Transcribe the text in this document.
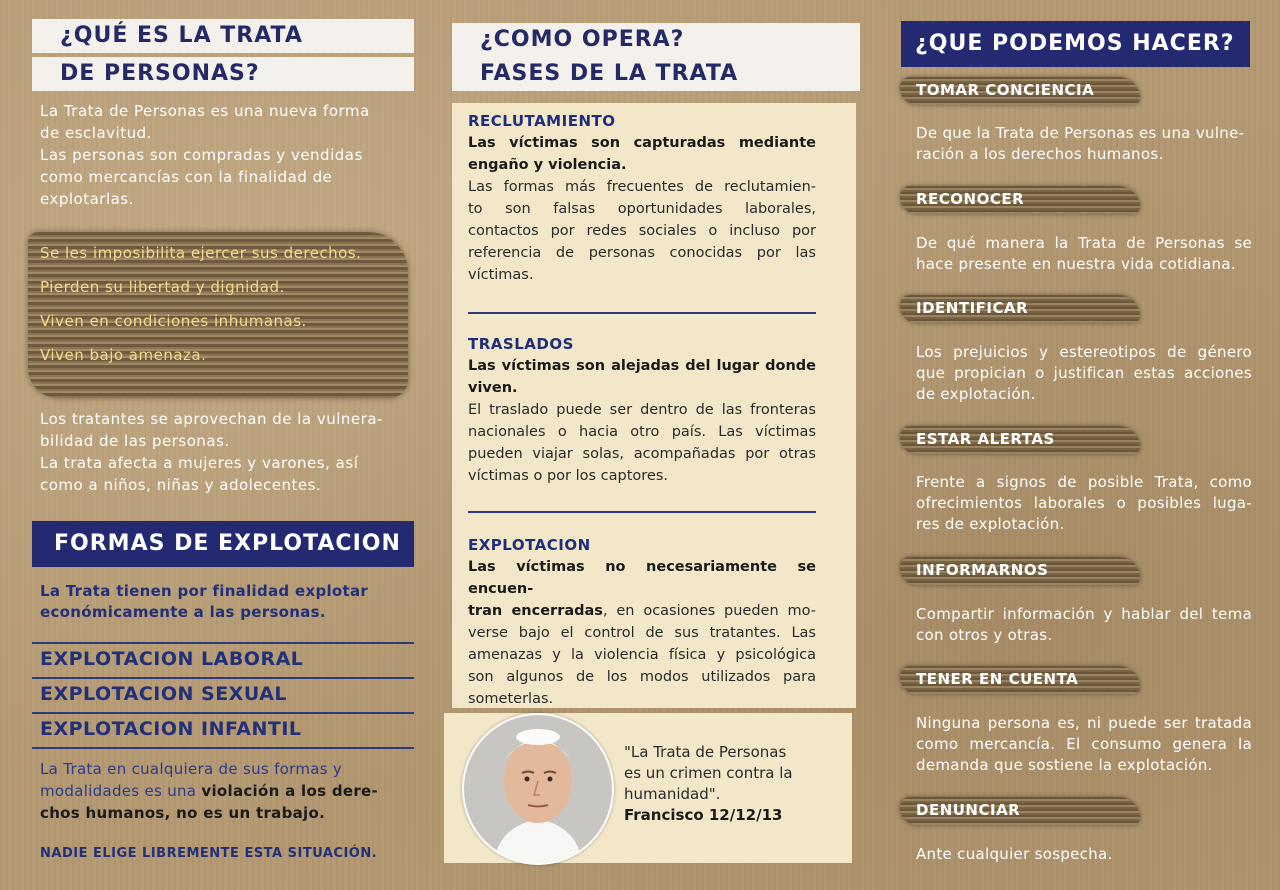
¿QUÉ ES LA TRATA
DE PERSONAS?
La Trata de Personas es una nueva forma
de esclavitud.
Las personas son compradas y vendidas
como mercancías con la finalidad de
explotarlas.
Se les imposibilita ejercer sus derechos.
Pierden su libertad y dignidad.
Viven en condiciones inhumanas.
Viven bajo amenaza.
Los tratantes se aprovechan de la vulnera-
bilidad de las personas.
La trata afecta a mujeres y varones, así
como a niños, niñas y adolecentes.
FORMAS DE EXPLOTACION
La Trata tienen por finalidad explotar
económicamente a las personas.
EXPLOTACION LABORAL
EXPLOTACION SEXUAL
EXPLOTACION INFANTIL
La Trata en cualquiera de sus formas y
modalidades es una violación a los dere-
chos humanos, no es un trabajo.
NADIE ELIGE LIBREMENTE ESTA SITUACIÓN.
¿COMO OPERA?
FASES DE LA TRATA
RECLUTAMIENTO
Las víctimas son capturadas mediante
engaño y violencia.
Las formas más frecuentes de reclutamien-
to son falsas oportunidades laborales,
contactos por redes sociales o incluso por
referencia de personas conocidas por las
víctimas.
TRASLADOS
Las víctimas son alejadas del lugar donde
viven.
El traslado puede ser dentro de las fronteras
nacionales o hacia otro país. Las víctimas
pueden viajar solas, acompañadas por otras
víctimas o por los captores.
EXPLOTACION
Las víctimas no necesariamente se encuen-
tran encerradas, en ocasiones pueden mo-
verse bajo el control de sus tratantes. Las
amenazas y la violencia física y psicológica
son algunos de los modos utilizados para
someterlas.
"La Trata de Personas
es un crimen contra la
humanidad".
Francisco 12/12/13
¿QUE PODEMOS HACER?
TOMAR CONCIENCIA
De que la Trata de Personas es una vulne-
ración a los derechos humanos.
RECONOCER
De qué manera la Trata de Personas se
hace presente en nuestra vida cotidiana.
IDENTIFICAR
Los prejuicios y estereotipos de género
que propician o justifican estas acciones
de explotación.
ESTAR ALERTAS
Frente a signos de posible Trata, como
ofrecimientos laborales o posibles luga-
res de explotación.
INFORMARNOS
Compartir información y hablar del tema
con otros y otras.
TENER EN CUENTA
Ninguna persona es, ni puede ser tratada
como mercancía. El consumo genera la
demanda que sostiene la explotación.
DENUNCIAR
Ante cualquier sospecha.
